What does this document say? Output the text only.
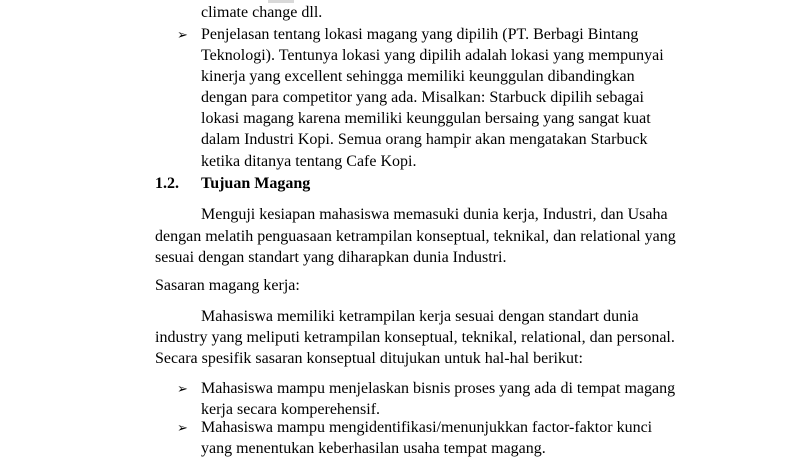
climate change dll.
➢ Penjelasan tentang lokasi magang yang dipilih (PT. Berbagi Bintang
Teknologi). Tentunya lokasi yang dipilih adalah lokasi yang mempunyai
kinerja yang excellent sehingga memiliki keunggulan dibandingkan
dengan para competitor yang ada. Misalkan: Starbuck dipilih sebagai
lokasi magang karena memiliki keunggulan bersaing yang sangat kuat
dalam Industri Kopi. Semua orang hampir akan mengatakan Starbuck
ketika ditanya tentang Cafe Kopi.
1.2. Tujuan Magang
Menguji kesiapan mahasiswa memasuki dunia kerja, Industri, dan Usaha
dengan melatih penguasaan ketrampilan konseptual, teknikal, dan relational yang
sesuai dengan standart yang diharapkan dunia Industri.
Sasaran magang kerja:
Mahasiswa memiliki ketrampilan kerja sesuai dengan standart dunia
industry yang meliputi ketrampilan konseptual, teknikal, relational, dan personal.
Secara spesifik sasaran konseptual ditujukan untuk hal-hal berikut:
➢ Mahasiswa mampu menjelaskan bisnis proses yang ada di tempat magang
kerja secara komperehensif.
➢ Mahasiswa mampu mengidentifikasi/menunjukkan factor-faktor kunci
yang menentukan keberhasilan usaha tempat magang.
